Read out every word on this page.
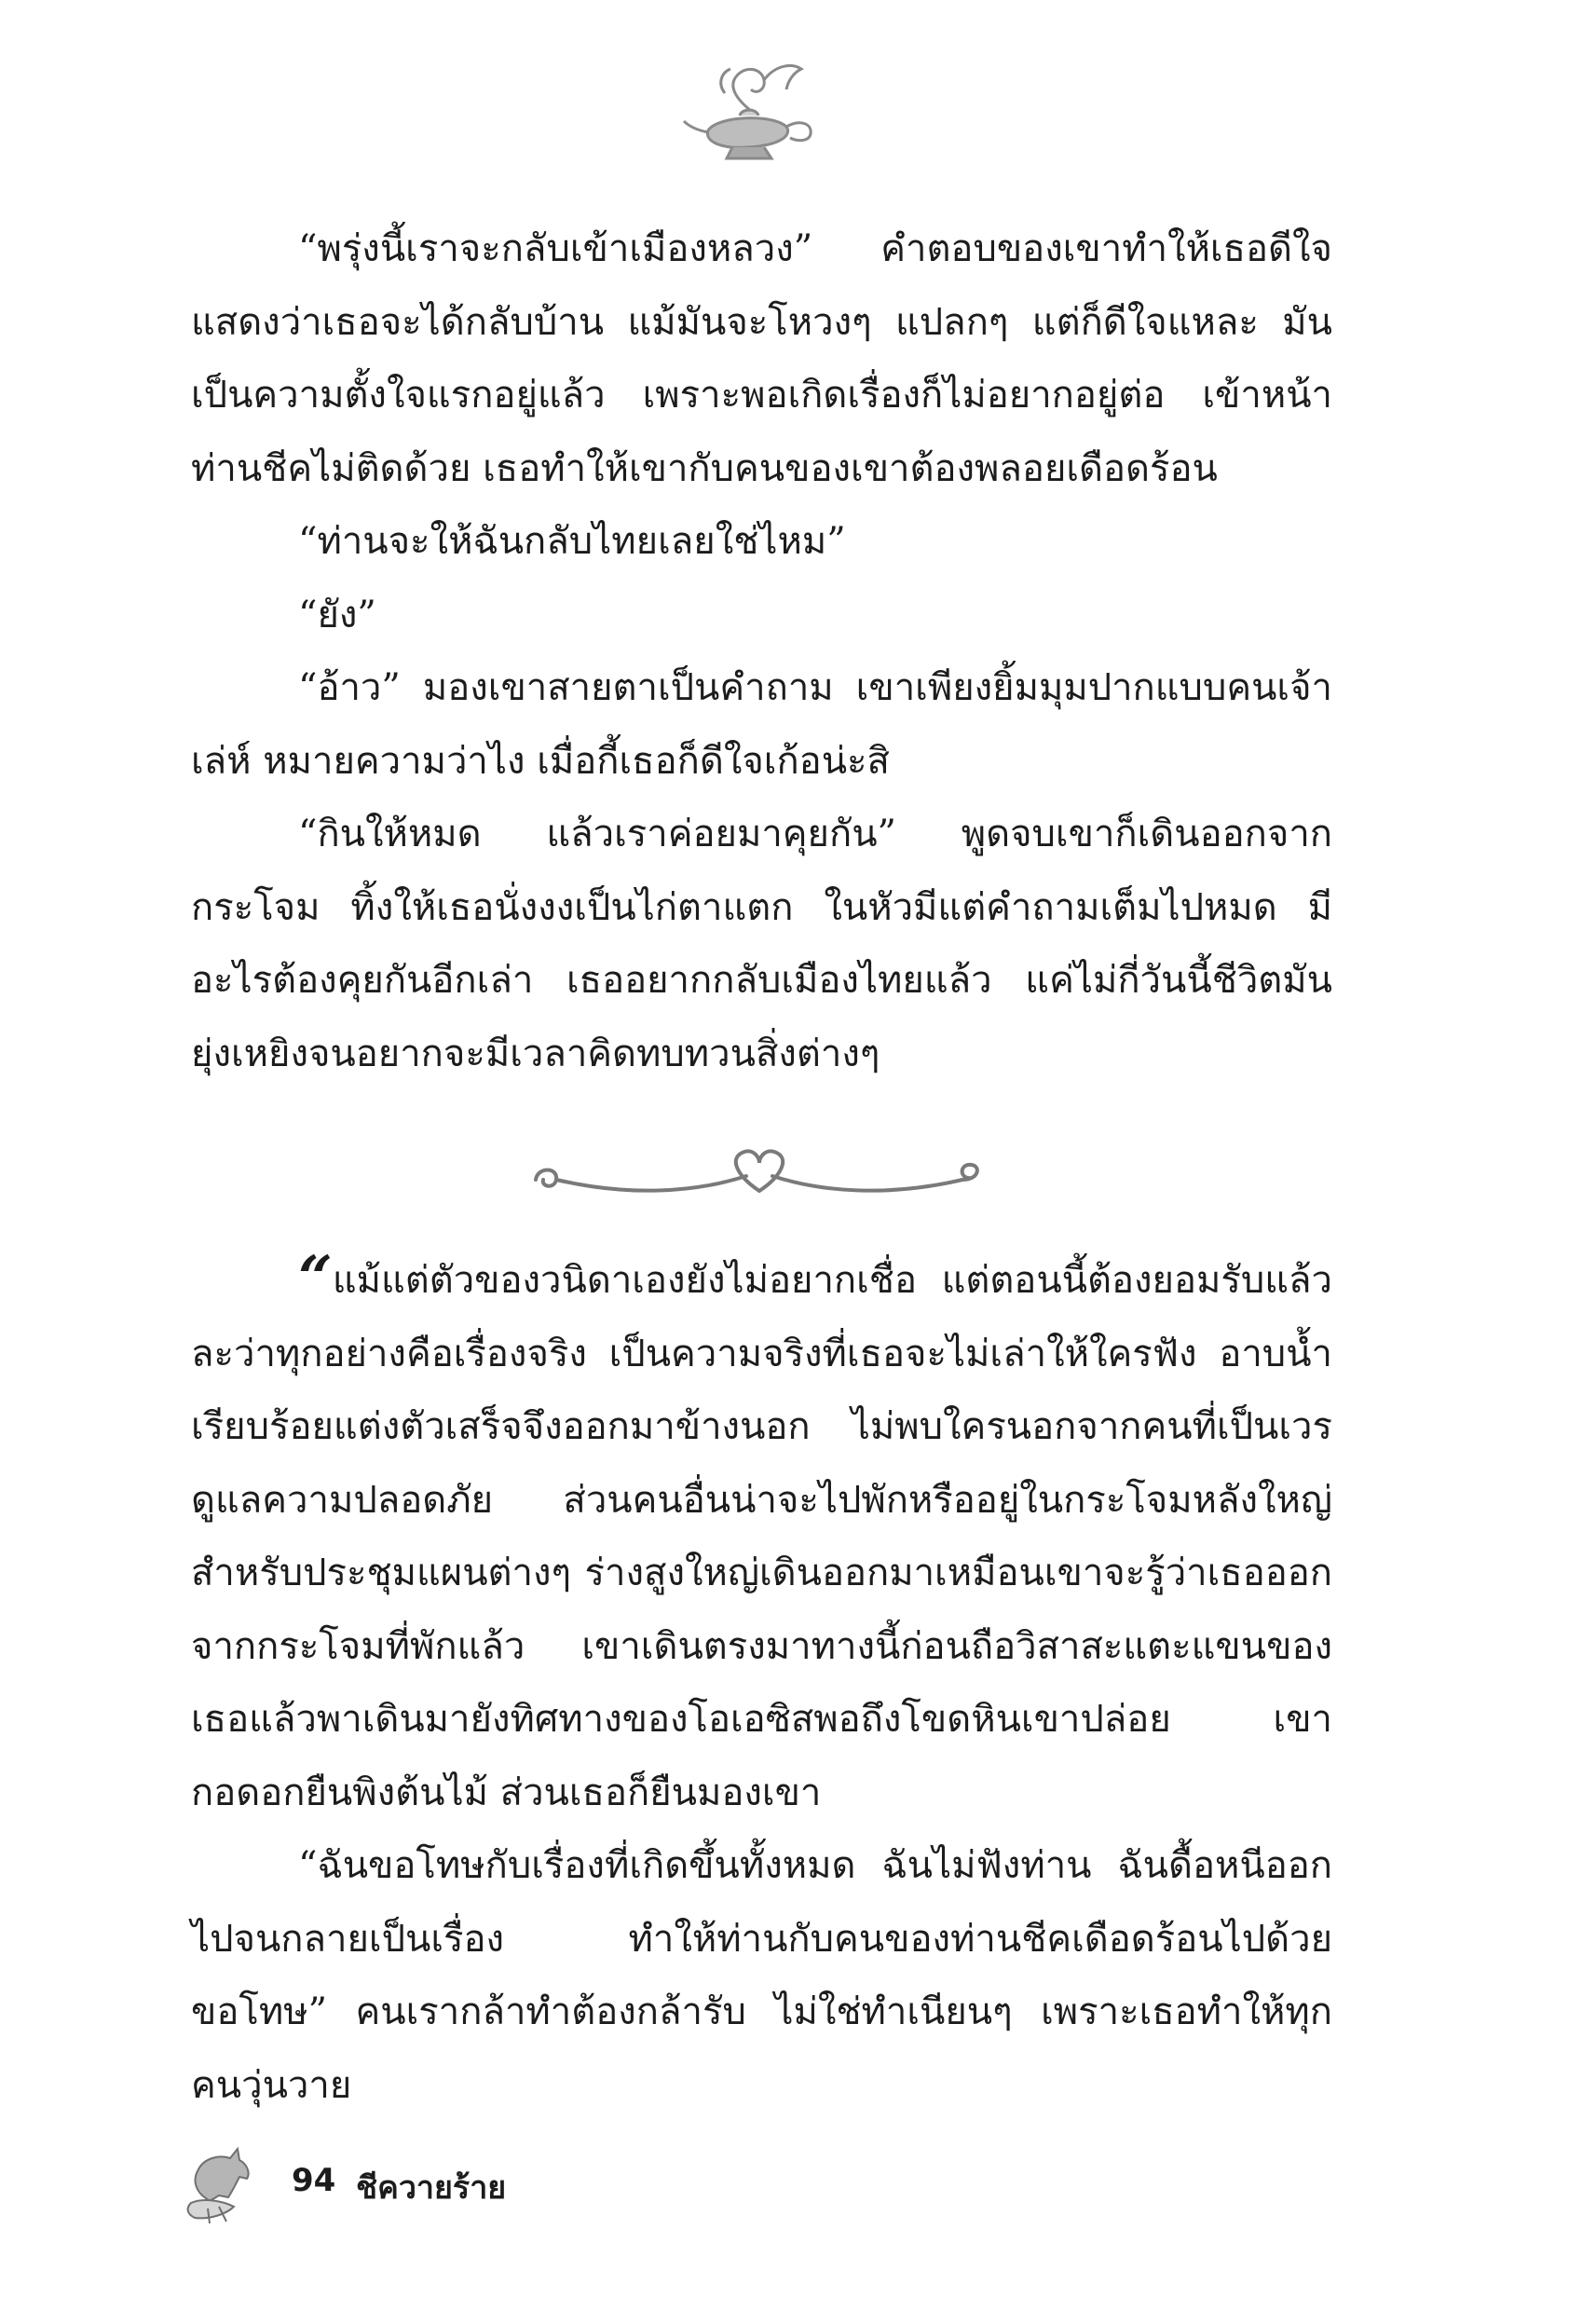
“พรุ่งนี้เราจะกลับเข้าเมืองหลวง” คำตอบของเขาทำให้เธอดีใจแสดงว่าเธอจะได้กลับบ้าน แม้มันจะโหวงๆ แปลกๆ แต่ก็ดีใจแหละ มันเป็นความตั้งใจแรกอยู่แล้ว เพราะพอเกิดเรื่องก็ไม่อยากอยู่ต่อ เข้าหน้าท่านชีคไม่ติดด้วย เธอทำให้เขากับคนของเขาต้องพลอยเดือดร้อน

“ท่านจะให้ฉันกลับไทยเลยใช่ไหม”

“ยัง”

“อ้าว” มองเขาสายตาเป็นคำถาม เขาเพียงยิ้มมุมปากแบบคนเจ้าเล่ห์ หมายความว่าไง เมื่อกี้เธอก็ดีใจเก้อน่ะสิ

“กินให้หมด แล้วเราค่อยมาคุยกัน” พูดจบเขาก็เดินออกจากกระโจม ทิ้งให้เธอนั่งงงเป็นไก่ตาแตก ในหัวมีแต่คำถามเต็มไปหมด มีอะไรต้องคุยกันอีกเล่า เธออยากกลับเมืองไทยแล้ว แค่ไม่กี่วันนี้ชีวิตมันยุ่งเหยิงจนอยากจะมีเวลาคิดทบทวนสิ่งต่างๆ

“ แม้แต่ตัวของวนิดาเองยังไม่อยากเชื่อ แต่ตอนนี้ต้องยอมรับแล้วละว่าทุกอย่างคือเรื่องจริง เป็นความจริงที่เธอจะไม่เล่าให้ใครฟัง อาบน้ำเรียบร้อยแต่งตัวเสร็จจึงออกมาข้างนอก ไม่พบใครนอกจากคนที่เป็นเวรดูแลความปลอดภัย ส่วนคนอื่นน่าจะไปพักหรืออยู่ในกระโจมหลังใหญ่สำหรับประชุมแผนต่างๆ ร่างสูงใหญ่เดินออกมาเหมือนเขาจะรู้ว่าเธอออกจากกระโจมที่พักแล้ว เขาเดินตรงมาทางนี้ก่อนถือวิสาสะแตะแขนของเธอแล้วพาเดินมายังทิศทางของโอเอซิสพอถึงโขดหินเขาปล่อย เขากอดอกยืนพิงต้นไม้ ส่วนเธอก็ยืนมองเขา

“ฉันขอโทษกับเรื่องที่เกิดขึ้นทั้งหมด ฉันไม่ฟังท่าน ฉันดื้อหนีออกไปจนกลายเป็นเรื่อง ทำให้ท่านกับคนของท่านชีคเดือดร้อนไปด้วย ขอโทษ” คนเรากล้าทำต้องกล้ารับ ไม่ใช่ทำเนียนๆ เพราะเธอทำให้ทุกคนวุ่นวาย

94 ชีควายร้าย
